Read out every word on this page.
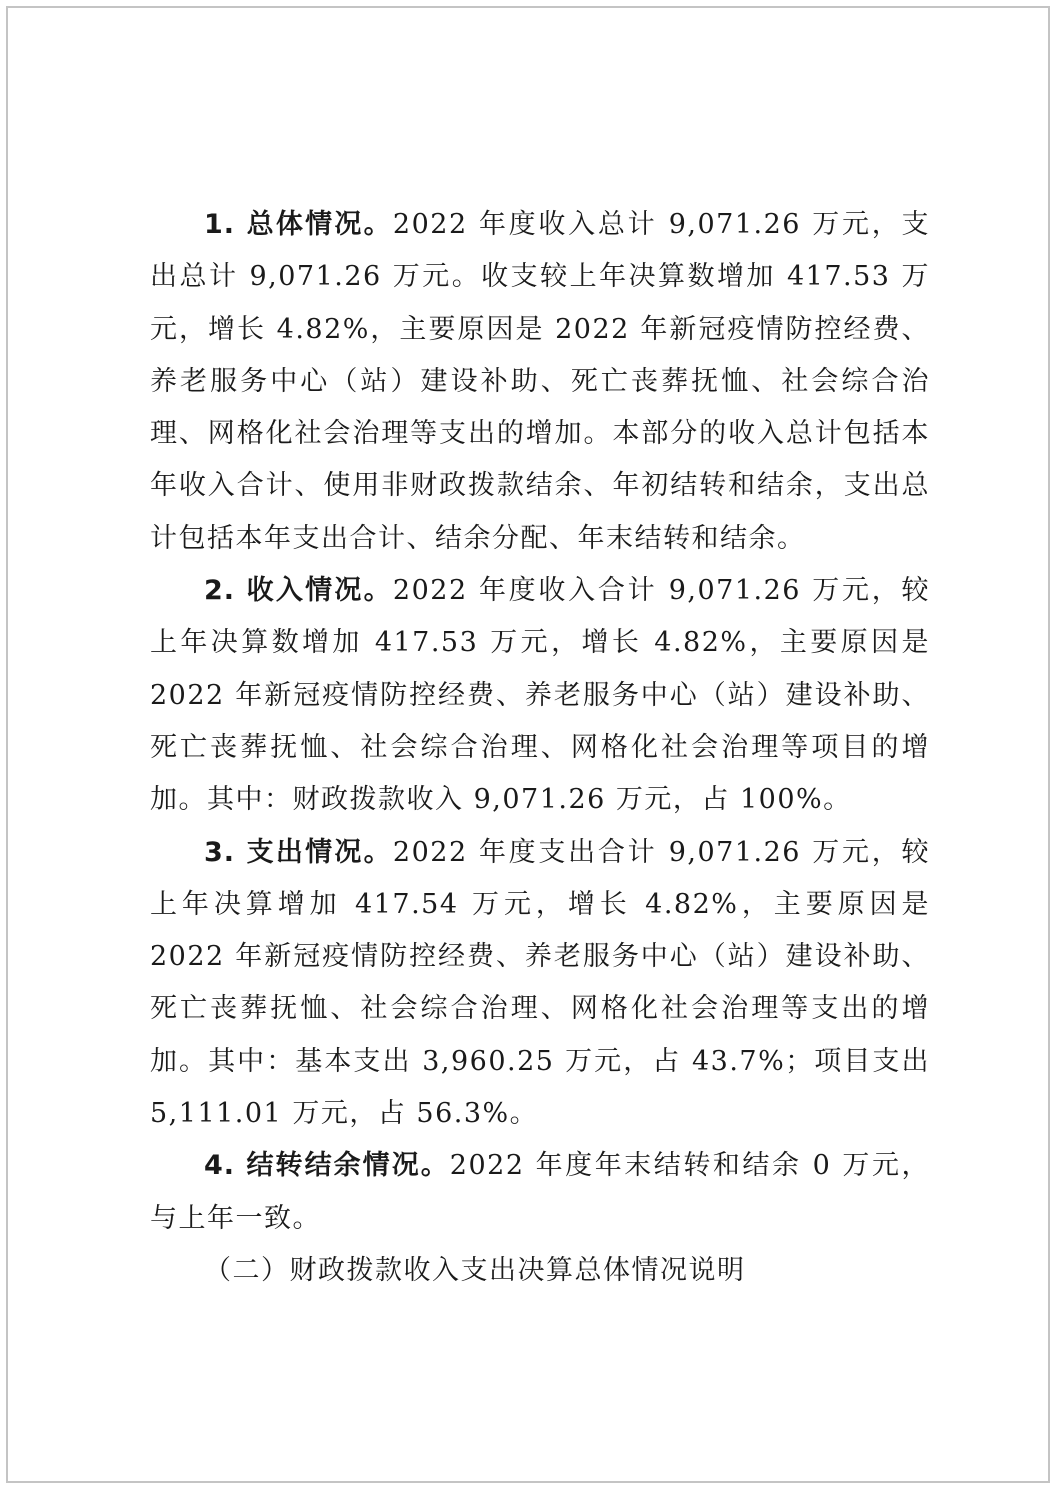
1. 总体情况。2022 年度收入总计 9,071.26 万元，支出总计 9,071.26 万元。收支较上年决算数增加 417.53 万元，增长 4.82%，主要原因是 2022 年新冠疫情防控经费、养老服务中心（站）建设补助、死亡丧葬抚恤、社会综合治理、网格化社会治理等支出的增加。本部分的收入总计包括本年收入合计、使用非财政拨款结余、年初结转和结余，支出总计包括本年支出合计、结余分配、年末结转和结余。

2. 收入情况。2022 年度收入合计 9,071.26 万元，较上年决算数增加 417.53 万元，增长 4.82%，主要原因是 2022 年新冠疫情防控经费、养老服务中心（站）建设补助、死亡丧葬抚恤、社会综合治理、网格化社会治理等项目的增加。其中：财政拨款收入 9,071.26 万元，占 100%。

3. 支出情况。2022 年度支出合计 9,071.26 万元，较上年决算增加 417.54 万元，增长 4.82%，主要原因是 2022 年新冠疫情防控经费、养老服务中心（站）建设补助、死亡丧葬抚恤、社会综合治理、网格化社会治理等支出的增加。其中：基本支出 3,960.25 万元，占 43.7%；项目支出 5,111.01 万元，占 56.3%。

4. 结转结余情况。2022 年度年末结转和结余 0 万元，与上年一致。

（二）财政拨款收入支出决算总体情况说明
